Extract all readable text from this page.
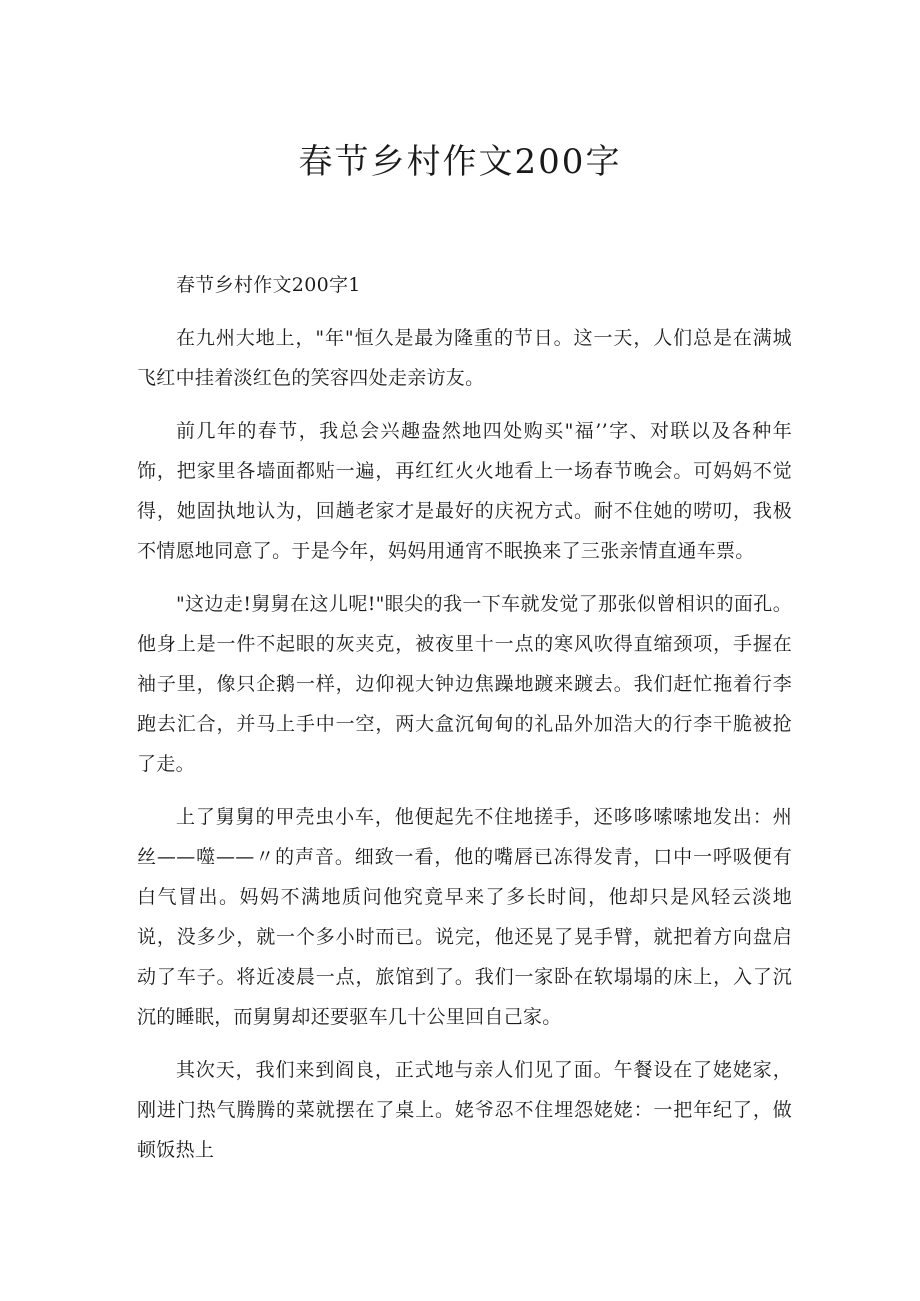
春节乡村作文200字

春节乡村作文200字1

在九州大地上，"年"恒久是最为隆重的节日。这一天，人们总是在满城飞红中挂着淡红色的笑容四处走亲访友。

前几年的春节，我总会兴趣盎然地四处购买"福’’字、对联以及各种年饰，把家里各墙面都贴一遍，再红红火火地看上一场春节晚会。可妈妈不觉得，她固执地认为，回趟老家才是最好的庆祝方式。耐不住她的唠叨，我极不情愿地同意了。于是今年，妈妈用通宵不眠换来了三张亲情直通车票。

"这边走!舅舅在这儿呢!"眼尖的我一下车就发觉了那张似曾相识的面孔。他身上是一件不起眼的灰夹克，被夜里十一点的寒风吹得直缩颈项，手握在袖子里，像只企鹅一样，边仰视大钟边焦躁地踱来踱去。我们赶忙拖着行李跑去汇合，并马上手中一空，两大盒沉甸甸的礼品外加浩大的行李干脆被抢了走。

上了舅舅的甲壳虫小车，他便起先不住地搓手，还哆哆嗦嗦地发出：州丝——噬——〃的声音。细致一看，他的嘴唇已冻得发青，口中一呼吸便有白气冒出。妈妈不满地质问他究竟早来了多长时间，他却只是风轻云淡地说，没多少，就一个多小时而已。说完，他还晃了晃手臂，就把着方向盘启动了车子。将近凌晨一点，旅馆到了。我们一家卧在软塌塌的床上，入了沉沉的睡眠，而舅舅却还要驱车几十公里回自己家。

其次天，我们来到阎良，正式地与亲人们见了面。午餐设在了姥姥家，刚进门热气腾腾的菜就摆在了桌上。姥爷忍不住埋怨姥姥：一把年纪了，做顿饭热上
